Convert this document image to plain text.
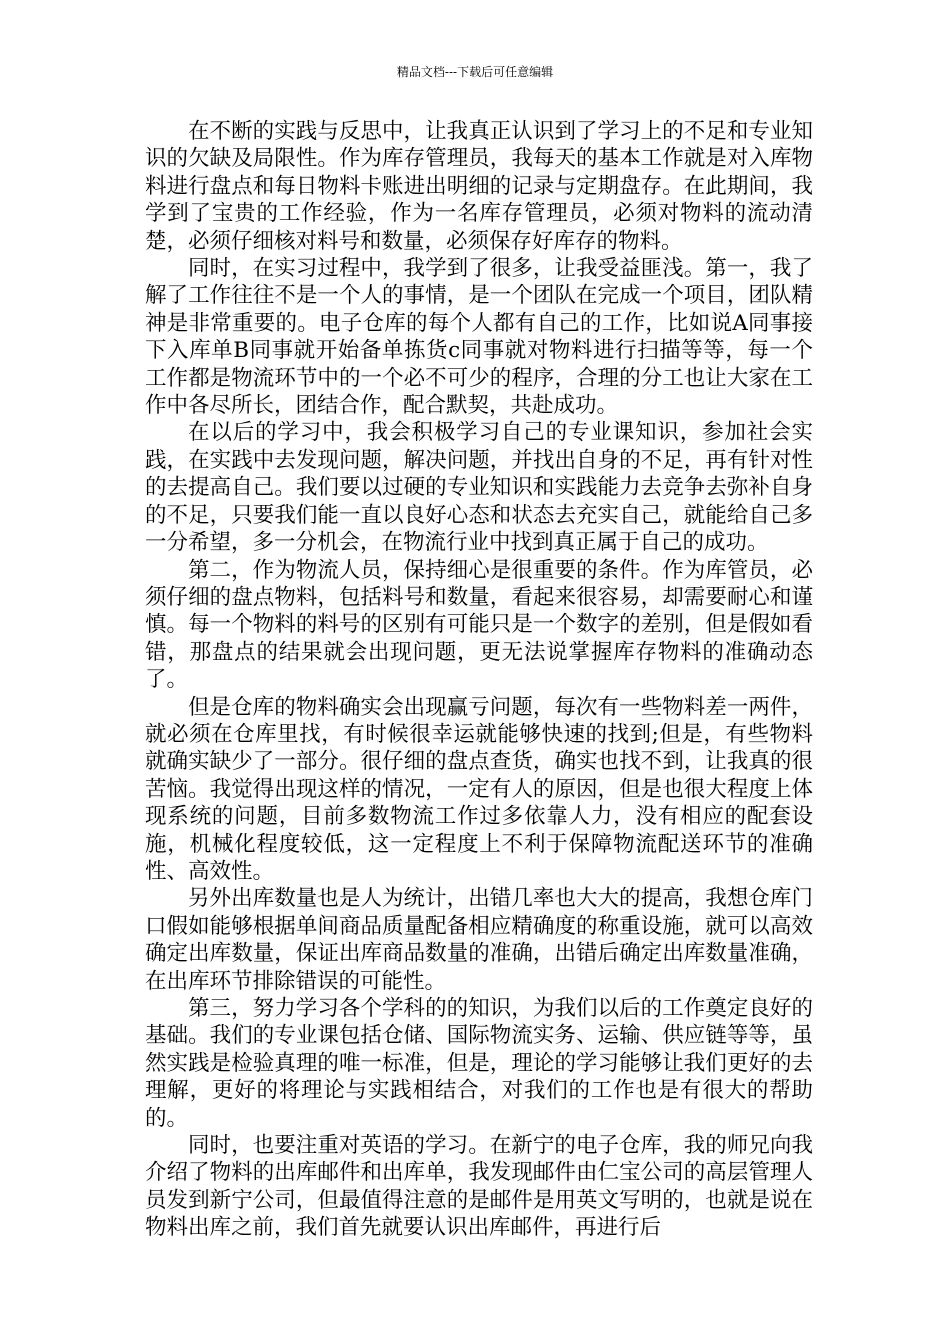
精品文档---下载后可任意编辑

在不断的实践与反思中，让我真正认识到了学习上的不足和专业知识的欠缺及局限性。作为库存管理员，我每天的基本工作就是对入库物料进行盘点和每日物料卡账进出明细的记录与定期盘存。在此期间，我学到了宝贵的工作经验，作为一名库存管理员，必须对物料的流动清楚，必须仔细核对料号和数量，必须保存好库存的物料。

同时，在实习过程中，我学到了很多，让我受益匪浅。第一，我了解了工作往往不是一个人的事情，是一个团队在完成一个项目，团队精神是非常重要的。电子仓库的每个人都有自己的工作，比如说A同事接下入库单B同事就开始备单拣货c同事就对物料进行扫描等等，每一个工作都是物流环节中的一个必不可少的程序，合理的分工也让大家在工作中各尽所长，团结合作，配合默契，共赴成功。

在以后的学习中，我会积极学习自己的专业课知识，参加社会实践，在实践中去发现问题，解决问题，并找出自身的不足，再有针对性的去提高自己。我们要以过硬的专业知识和实践能力去竞争去弥补自身的不足，只要我们能一直以良好心态和状态去充实自己，就能给自己多一分希望，多一分机会，在物流行业中找到真正属于自己的成功。

第二，作为物流人员，保持细心是很重要的条件。作为库管员，必须仔细的盘点物料，包括料号和数量，看起来很容易，却需要耐心和谨慎。每一个物料的料号的区别有可能只是一个数字的差别，但是假如看错，那盘点的结果就会出现问题，更无法说掌握库存物料的准确动态了。

但是仓库的物料确实会出现赢亏问题，每次有一些物料差一两件，就必须在仓库里找，有时候很幸运就能够快速的找到;但是，有些物料就确实缺少了一部分。很仔细的盘点查货，确实也找不到，让我真的很苦恼。我觉得出现这样的情况，一定有人的原因，但是也很大程度上体现系统的问题，目前多数物流工作过多依靠人力，没有相应的配套设施，机械化程度较低，这一定程度上不利于保障物流配送环节的准确性、高效性。

另外出库数量也是人为统计，出错几率也大大的提高，我想仓库门口假如能够根据单间商品质量配备相应精确度的称重设施，就可以高效确定出库数量，保证出库商品数量的准确，出错后确定出库数量准确，在出库环节排除错误的可能性。

第三，努力学习各个学科的的知识，为我们以后的工作奠定良好的基础。我们的专业课包括仓储、国际物流实务、运输、供应链等等，虽然实践是检验真理的唯一标准，但是，理论的学习能够让我们更好的去理解，更好的将理论与实践相结合，对我们的工作也是有很大的帮助的。

同时，也要注重对英语的学习。在新宁的电子仓库，我的师兄向我介绍了物料的出库邮件和出库单，我发现邮件由仁宝公司的高层管理人员发到新宁公司，但最值得注意的是邮件是用英文写明的，也就是说在物料出库之前，我们首先就要认识出库邮件，再进行后
